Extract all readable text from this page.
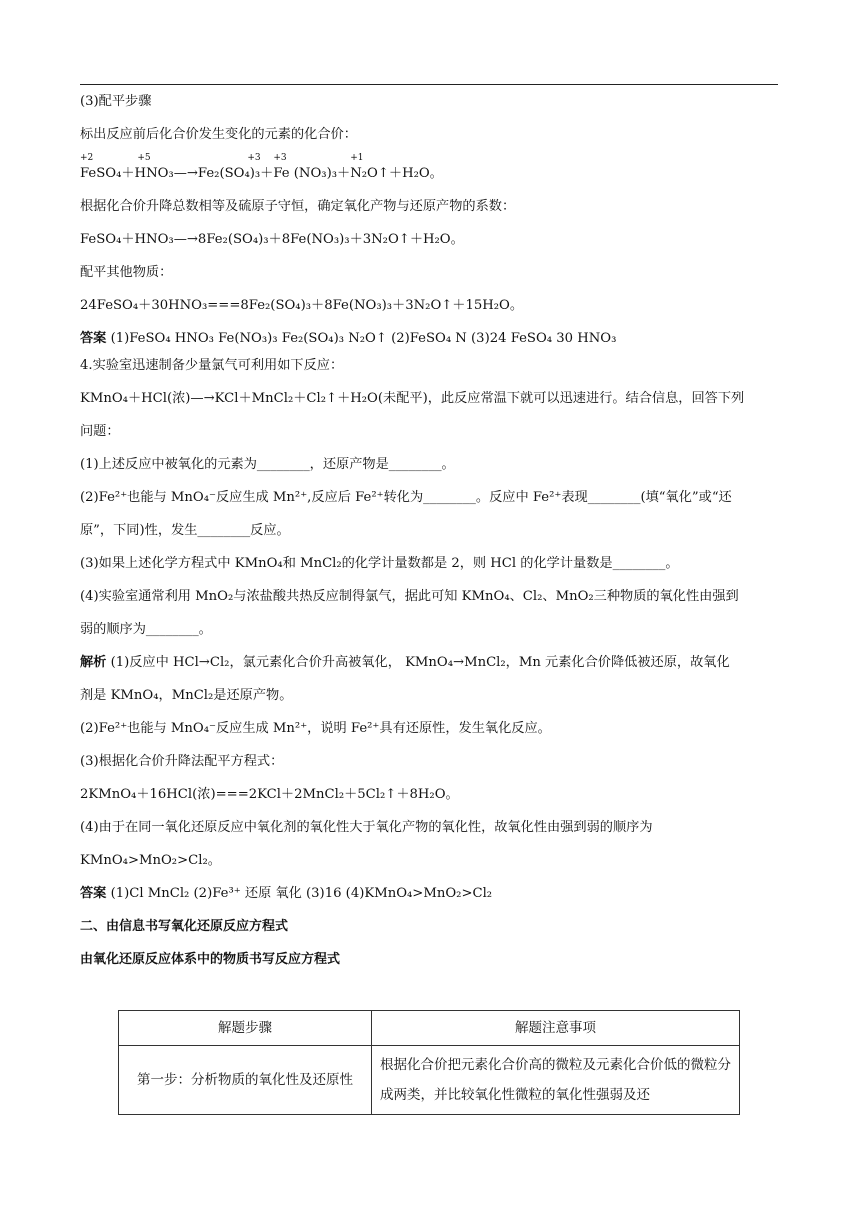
(3)配平步骤

标出反应前后化合价发生变化的元素的化合价：

+2
FeSO₄
+5
＋HNO₃—→Fe₂(SO₄)₃＋
+3 +3
Fe (NO₃)₃＋
+1
N₂O↑＋H₂O。

根据化合价升降总数相等及硫原子守恒，确定氧化产物与还原产物的系数：

FeSO₄＋HNO₃—→8Fe₂(SO₄)₃＋8Fe(NO₃)₃＋3N₂O↑＋H₂O。

配平其他物质：

24FeSO₄＋30HNO₃===8Fe₂(SO₄)₃＋8Fe(NO₃)₃＋3N₂O↑＋15H₂O。

答案 (1)FeSO₄ HNO₃ Fe(NO₃)₃ Fe₂(SO₄)₃ N₂O↑ (2)FeSO₄ N (3)24 FeSO₄ 30 HNO₃

4.实验室迅速制备少量氯气可利用如下反应：

KMnO₄＋HCl(浓)—→KCl＋MnCl₂＋Cl₂↑＋H₂O(未配平)，此反应常温下就可以迅速进行。结合信息，回答下列

问题：

(1)上述反应中被氧化的元素为________，还原产物是________。

(2)Fe²⁺也能与 MnO₄⁻反应生成 Mn²⁺,反应后 Fe²⁺转化为________。反应中 Fe²⁺表现________(填“氧化”或“还

原”，下同)性，发生________反应。

(3)如果上述化学方程式中 KMnO₄和 MnCl₂的化学计量数都是 2，则 HCl 的化学计量数是________。

(4)实验室通常利用 MnO₂与浓盐酸共热反应制得氯气，据此可知 KMnO₄、Cl₂、MnO₂三种物质的氧化性由强到

弱的顺序为________。

解析 (1)反应中 HCl→Cl₂，氯元素化合价升高被氧化， KMnO₄→MnCl₂，Mn 元素化合价降低被还原，故氧化

剂是 KMnO₄，MnCl₂是还原产物。

(2)Fe²⁺也能与 MnO₄⁻反应生成 Mn²⁺，说明 Fe²⁺具有还原性，发生氧化反应。

(3)根据化合价升降法配平方程式：

2KMnO₄＋16HCl(浓)===2KCl＋2MnCl₂＋5Cl₂↑＋8H₂O。

(4)由于在同一氧化还原反应中氧化剂的氧化性大于氧化产物的氧化性，故氧化性由强到弱的顺序为

KMnO₄>MnO₂>Cl₂。

答案 (1)Cl MnCl₂ (2)Fe³⁺ 还原 氧化 (3)16 (4)KMnO₄>MnO₂>Cl₂

二、由信息书写氧化还原反应方程式

由氧化还原反应体系中的物质书写反应方程式

解题步骤	解题注意事项
第一步：分析物质的氧化性及还原性	根据化合价把元素化合价高的微粒及元素化合价低的微粒分成两类，并比较氧化性微粒的氧化性强弱及还
